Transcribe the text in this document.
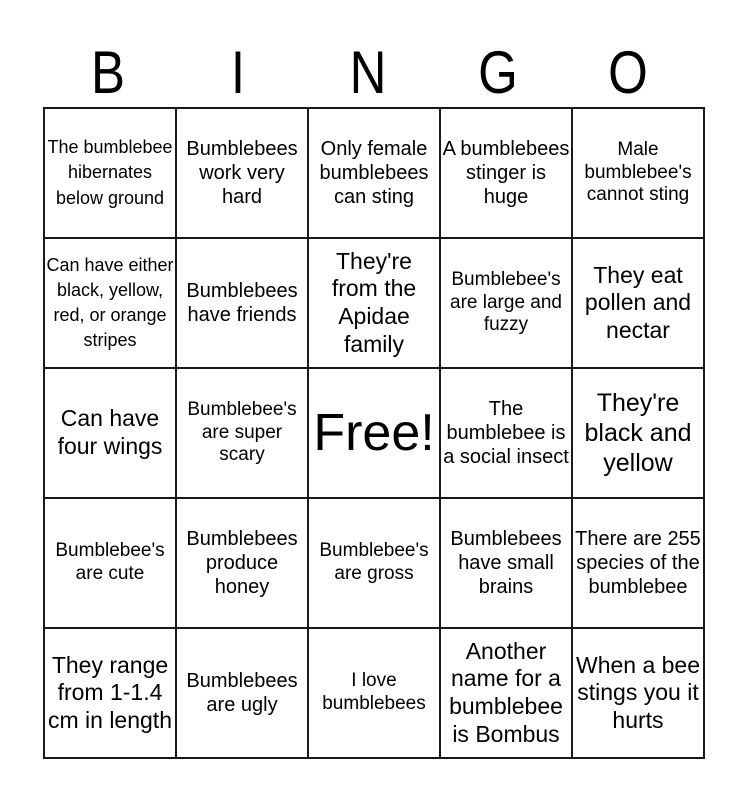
B	I	N	G	O
The bumblebee hibernates below ground	Bumblebees work very hard	Only female bumblebees can sting	A bumblebees stinger is huge	Male bumblebee's cannot sting
Can have either black, yellow, red, or orange stripes	Bumblebees have friends	They're from the Apidae family	Bumblebee's are large and fuzzy	They eat pollen and nectar
Can have four wings	Bumblebee's are super scary	Free!	The bumblebee is a social insect	They're black and yellow
Bumblebee's are cute	Bumblebees produce honey	Bumblebee's are gross	Bumblebees have small brains	There are 255 species of the bumblebee
They range from 1-1.4 cm in length	Bumblebees are ugly	I love bumblebees	Another name for a bumblebee is Bombus	When a bee stings you it hurts
